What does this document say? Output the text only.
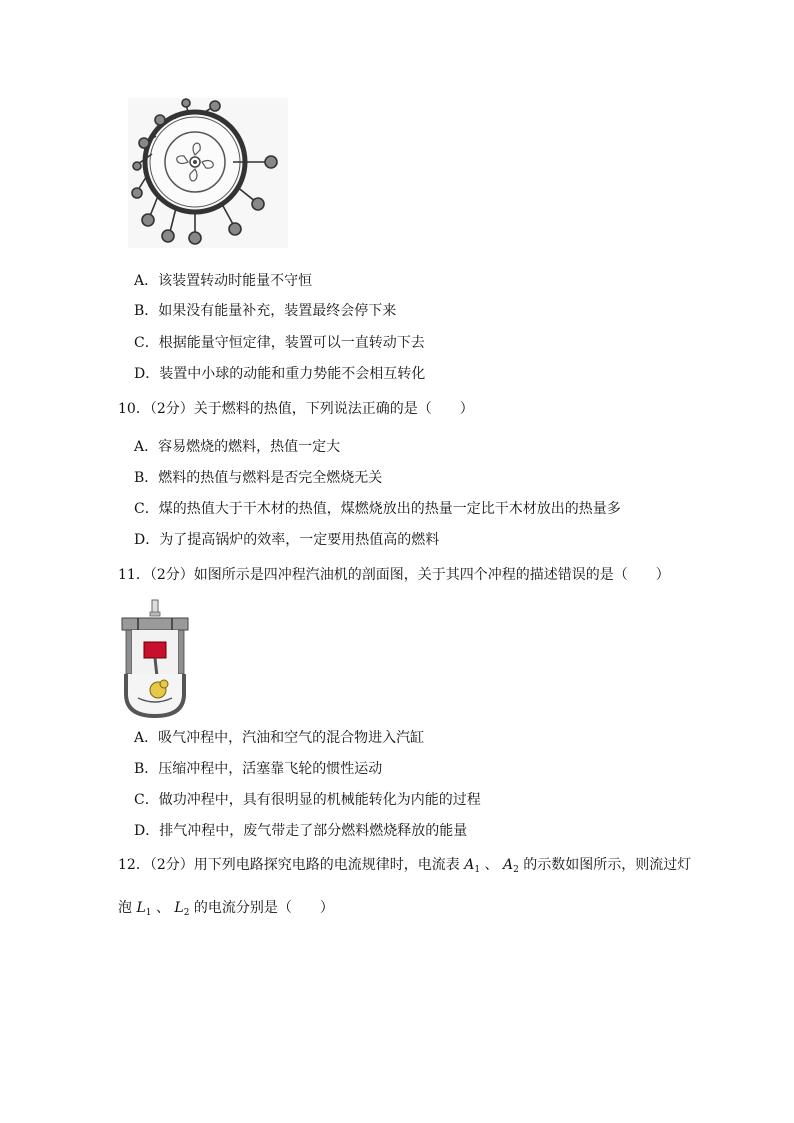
A．该装置转动时能量不守恒
B．如果没有能量补充，装置最终会停下来
C．根据能量守恒定律，装置可以一直转动下去
D．装置中小球的动能和重力势能不会相互转化
10．（2分）关于燃料的热值，下列说法正确的是（　　）
A．容易燃烧的燃料，热值一定大
B．燃料的热值与燃料是否完全燃烧无关
C．煤的热值大于干木材的热值，煤燃烧放出的热量一定比干木材放出的热量多
D．为了提高锅炉的效率，一定要用热值高的燃料
11．（2分）如图所示是四冲程汽油机的剖面图，关于其四个冲程的描述错误的是（　　）
A．吸气冲程中，汽油和空气的混合物进入汽缸
B．压缩冲程中，活塞靠飞轮的惯性运动
C．做功冲程中，具有很明显的机械能转化为内能的过程
D．排气冲程中，废气带走了部分燃料燃烧释放的能量
12．（2分）用下列电路探究电路的电流规律时，电流表 $A_1$ 、 $A_2$ 的示数如图所示，则流过灯
泡 $L_1$ 、 $L_2$ 的电流分别是（　　）
